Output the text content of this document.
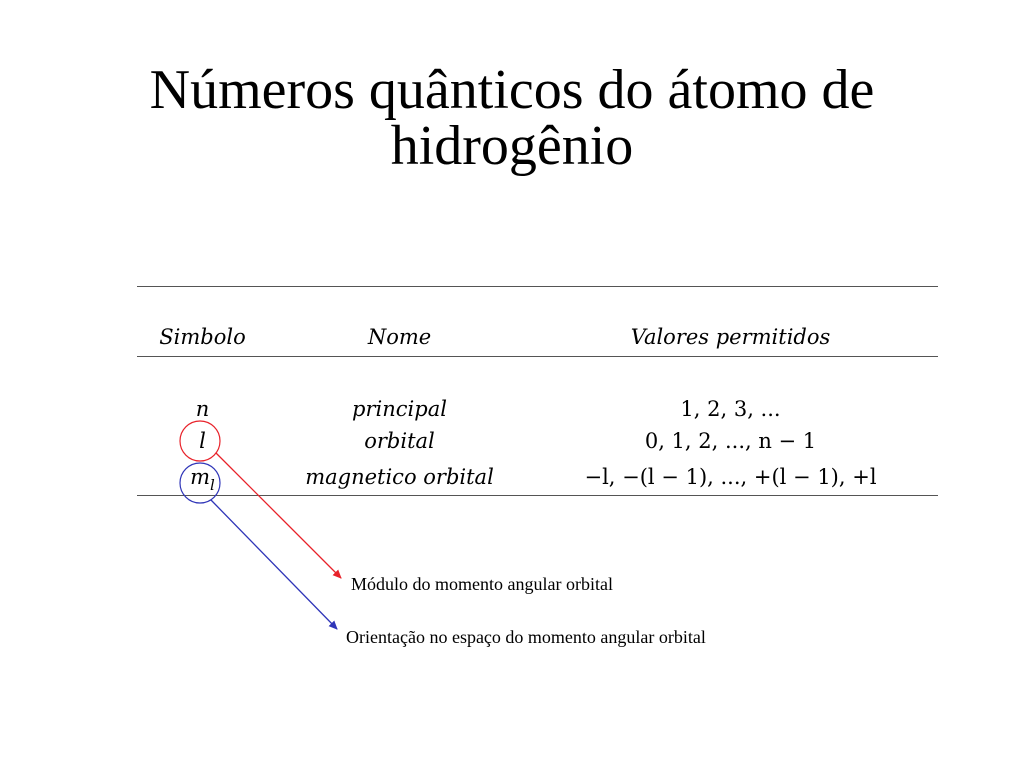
Números quânticos do átomo de
hidrogênio
Simbolo	Nome	Valores permitidos
n	principal	1, 2, 3, ...
l	orbital	0, 1, 2, ..., n − 1
$m_l$	magnetico orbital	−l, −(l − 1), ..., +(l − 1), +l
Módulo do momento angular orbital
Orientação no espaço do momento angular orbital
